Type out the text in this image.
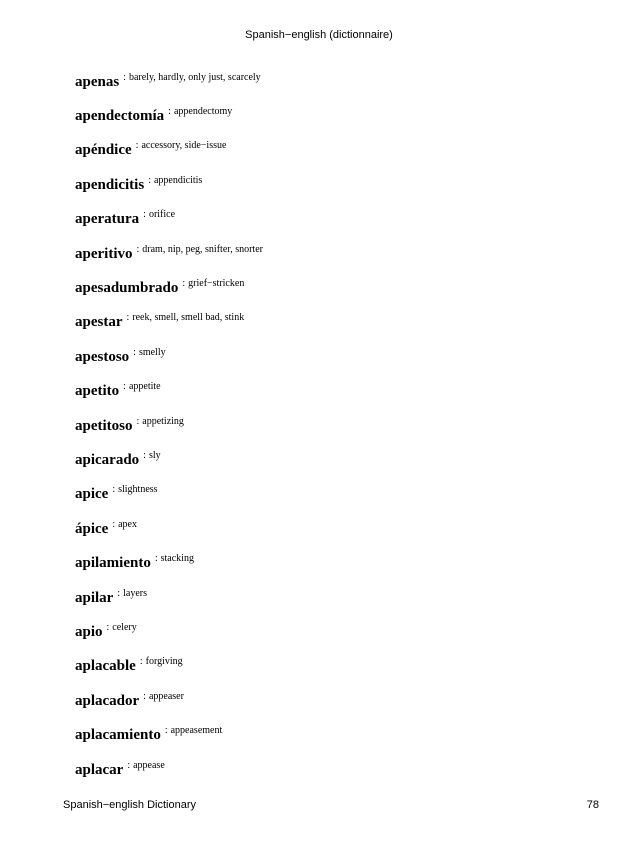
Spanish−english (dictionnaire)
apenas : barely, hardly, only just, scarcely
apendectomía : appendectomy
apéndice : accessory, side−issue
apendicitis : appendicitis
aperatura : orifice
aperitivo : dram, nip, peg, snifter, snorter
apesadumbrado : grief−stricken
apestar : reek, smell, smell bad, stink
apestoso : smelly
apetito : appetite
apetitoso : appetizing
apicarado : sly
apice : slightness
ápice : apex
apilamiento : stacking
apilar : layers
apio : celery
aplacable : forgiving
aplacador : appeaser
aplacamiento : appeasement
aplacar : appease
Spanish−english Dictionary	78
